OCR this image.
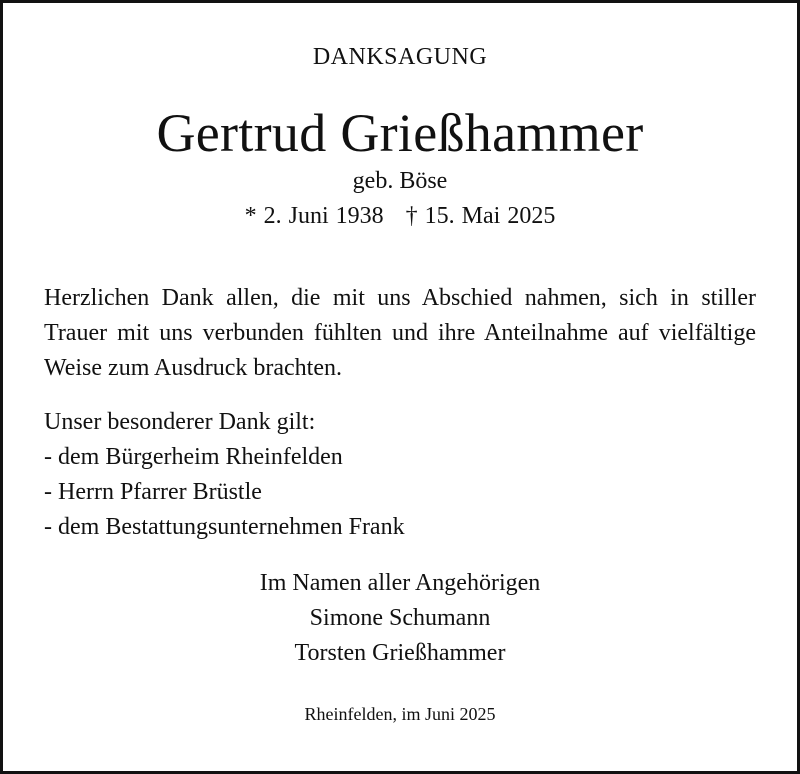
DANKSAGUNG
Gertrud Grießhammer
geb. Böse
* 2. Juni 1938 † 15. Mai 2025
Herzlichen Dank allen, die mit uns Abschied nahmen, sich in stiller Trauer mit uns verbunden fühlten und ihre Anteilnahme auf vielfältige Weise zum Ausdruck brachten.
Unser besonderer Dank gilt:
- dem Bürgerheim Rheinfelden
- Herrn Pfarrer Brüstle
- dem Bestattungsunternehmen Frank
Im Namen aller Angehörigen
Simone Schumann
Torsten Grießhammer
Rheinfelden, im Juni 2025
